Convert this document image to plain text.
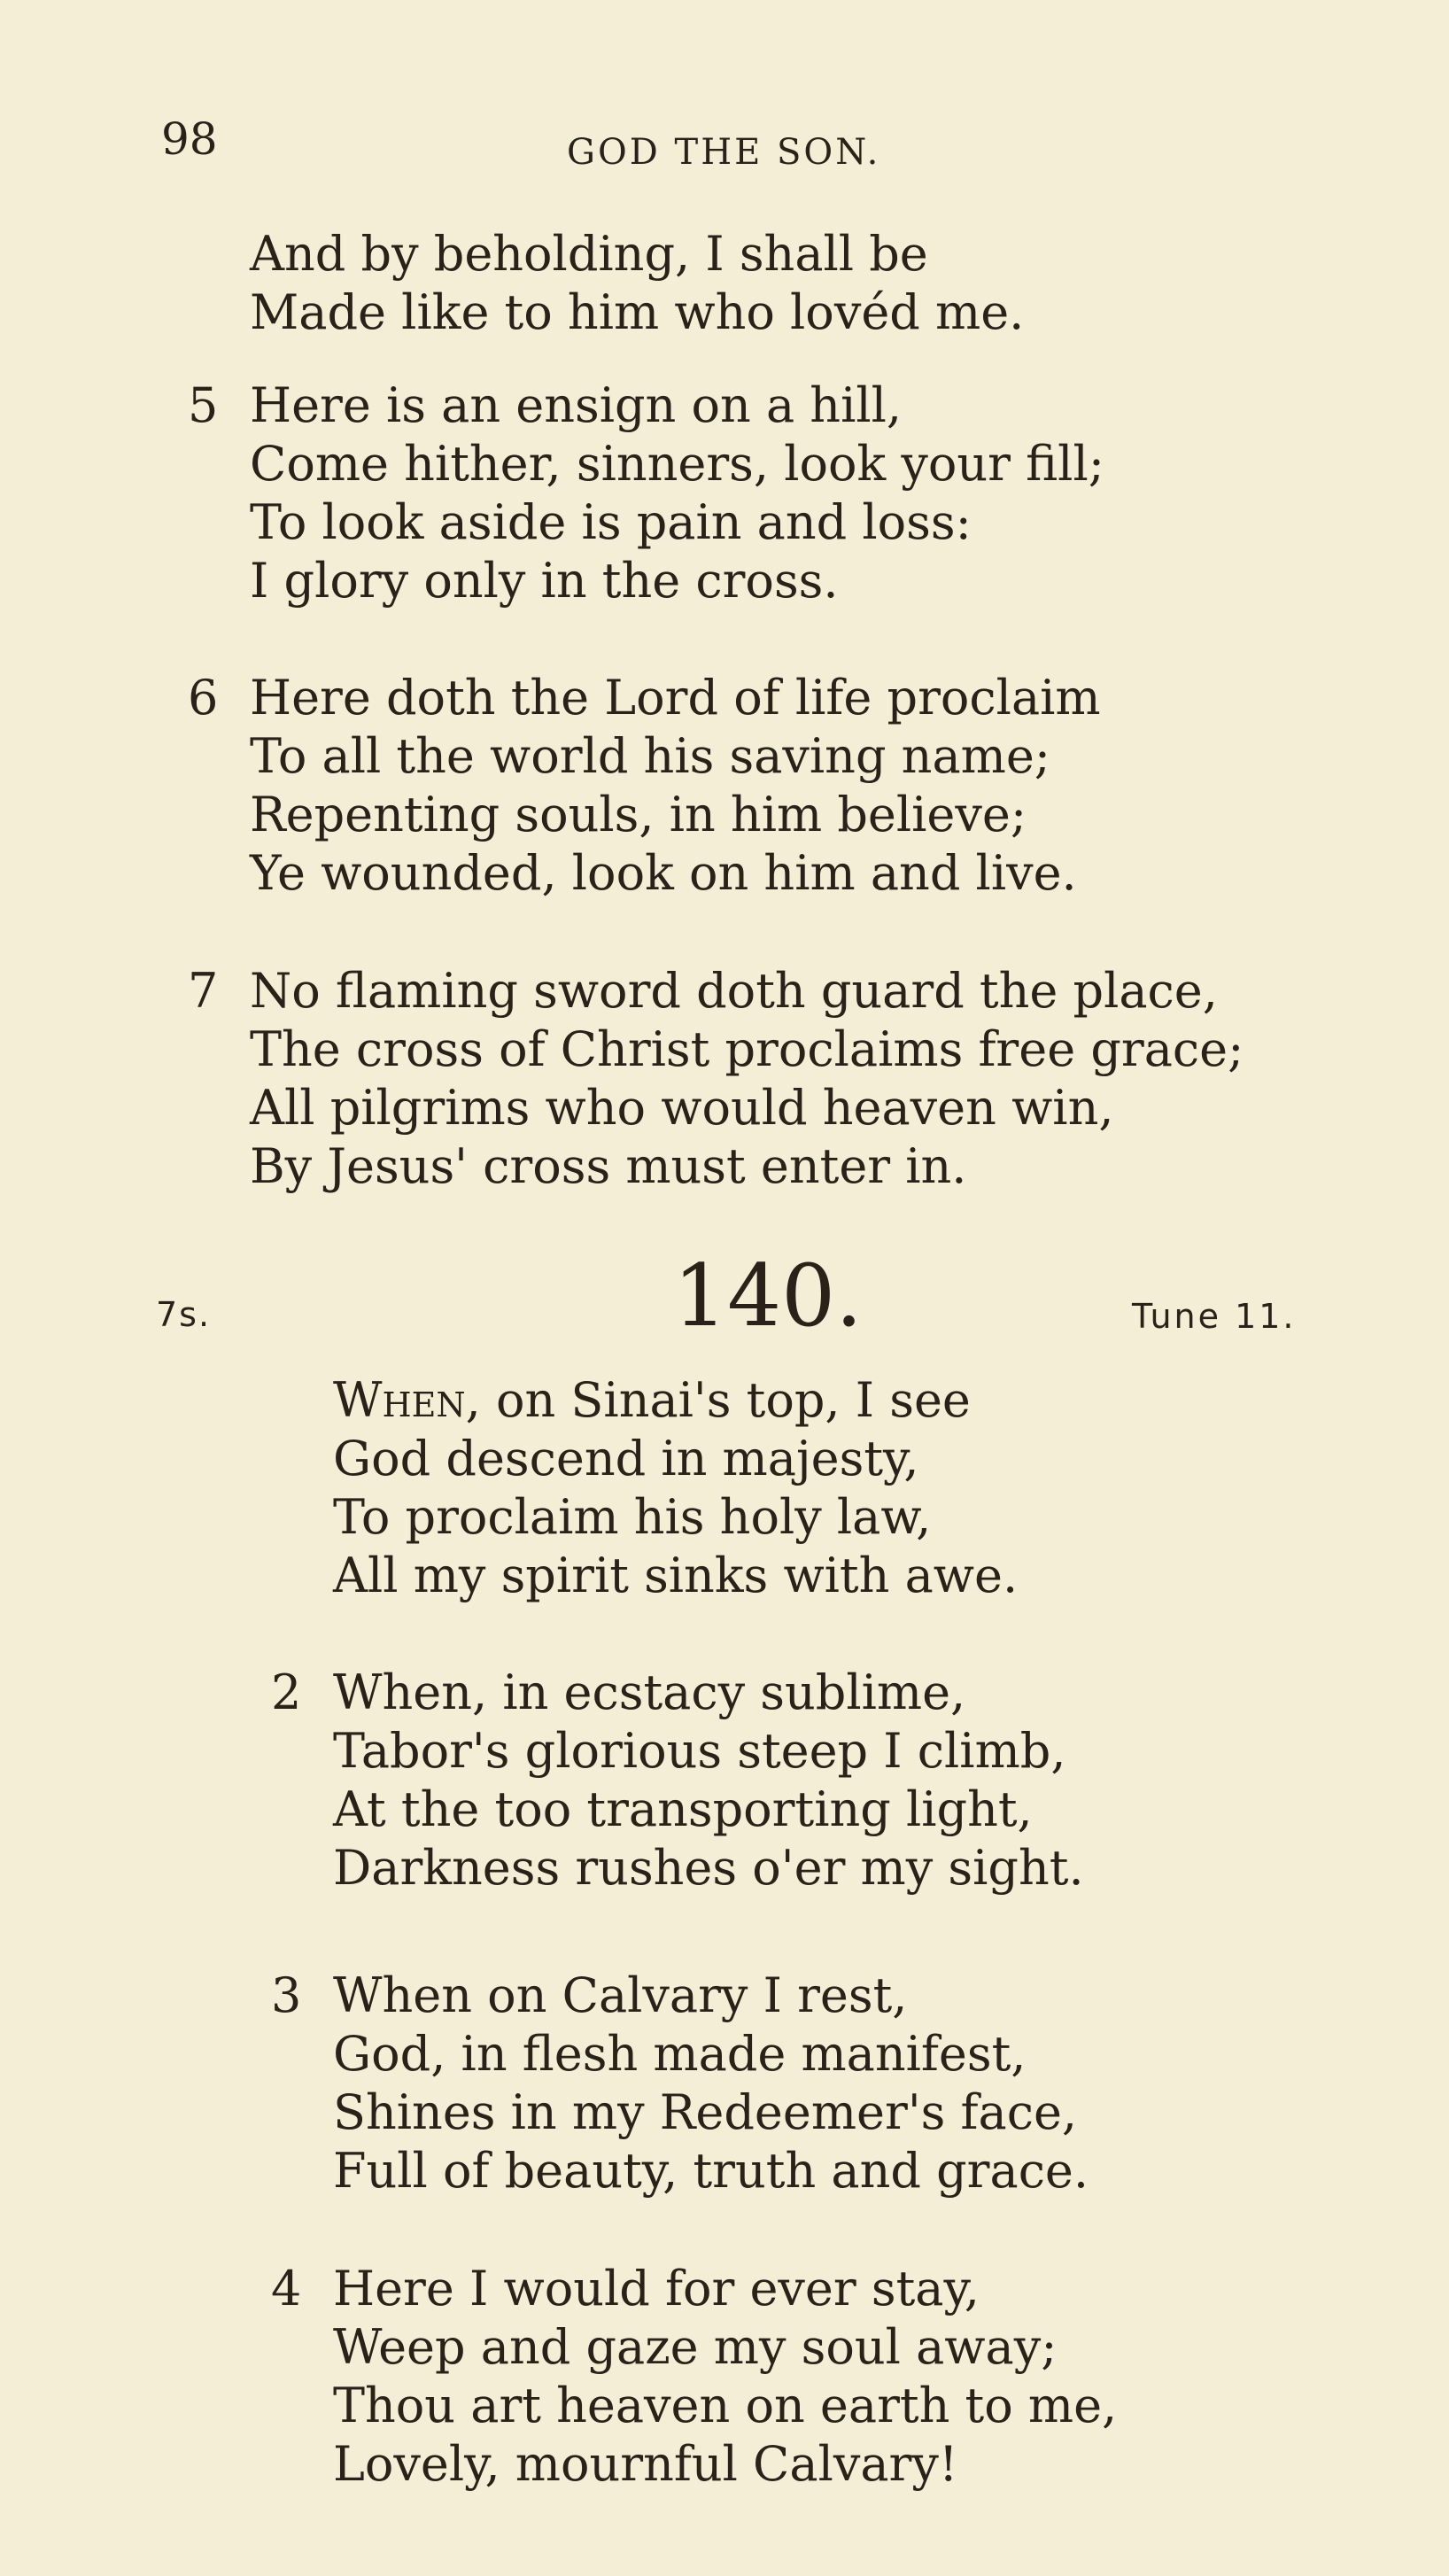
98	GOD THE SON.
And by beholding, I shall be
Made like to him who lovéd me.
5 Here is an ensign on a hill,
Come hither, sinners, look your fill;
To look aside is pain and loss:
I glory only in the cross.
6 Here doth the Lord of life proclaim
To all the world his saving name;
Repenting souls, in him believe;
Ye wounded, look on him and live.
7 No flaming sword doth guard the place,
The cross of Christ proclaims free grace;
All pilgrims who would heaven win,
By Jesus' cross must enter in.
7s.	140.	Tune 11.
When, on Sinai's top, I see
God descend in majesty,
To proclaim his holy law,
All my spirit sinks with awe.
2 When, in ecstacy sublime,
Tabor's glorious steep I climb,
At the too transporting light,
Darkness rushes o'er my sight.
3 When on Calvary I rest,
God, in flesh made manifest,
Shines in my Redeemer's face,
Full of beauty, truth and grace.
4 Here I would for ever stay,
Weep and gaze my soul away;
Thou art heaven on earth to me,
Lovely, mournful Calvary!
